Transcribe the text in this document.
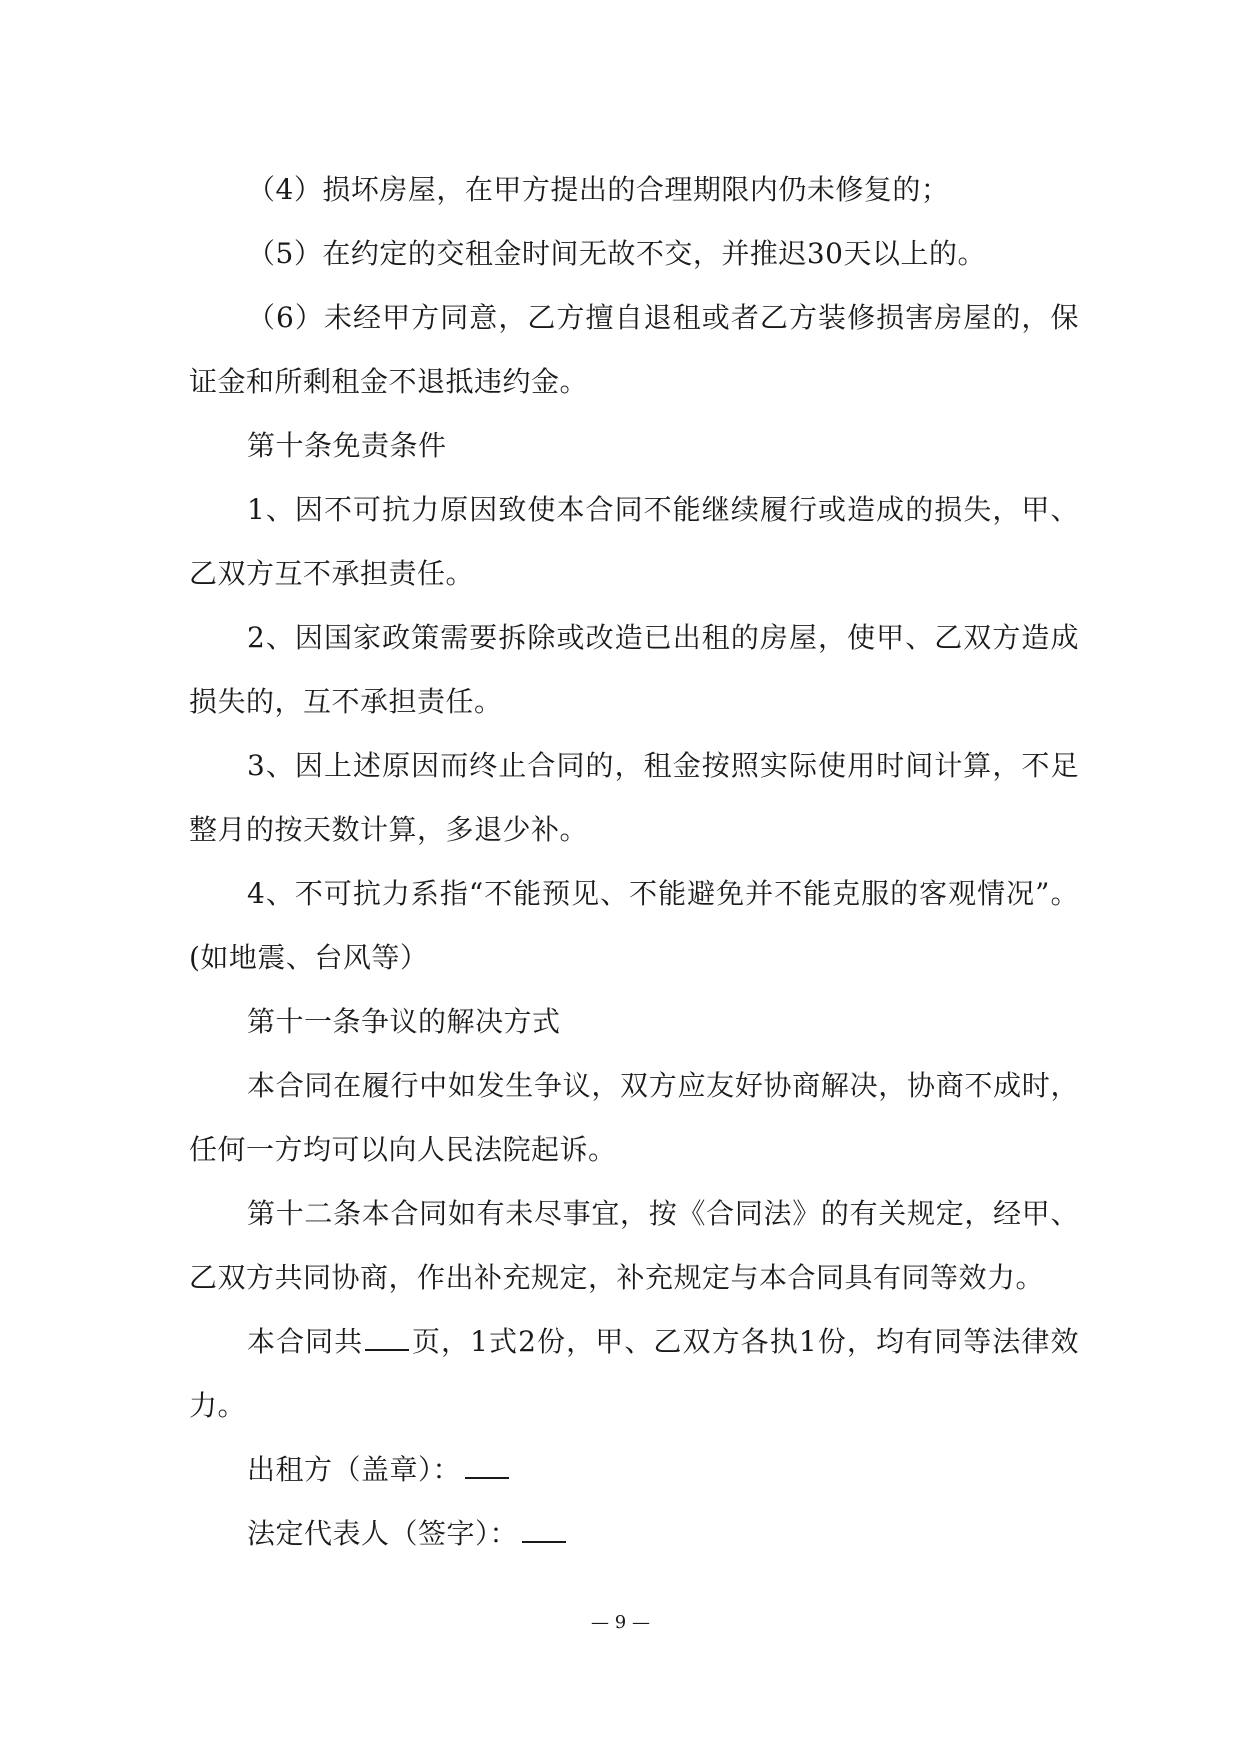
（4）损坏房屋，在甲方提出的合理期限内仍未修复的；

（5）在约定的交租金时间无故不交，并推迟30天以上的。

（6）未经甲方同意，乙方擅自退租或者乙方装修损害房屋的，保证金和所剩租金不退抵违约金。

第十条免责条件

1、因不可抗力原因致使本合同不能继续履行或造成的损失，甲、乙双方互不承担责任。

2、因国家政策需要拆除或改造已出租的房屋，使甲、乙双方造成损失的，互不承担责任。

3、因上述原因而终止合同的，租金按照实际使用时间计算，不足整月的按天数计算，多退少补。

4、不可抗力系指“不能预见、不能避免并不能克服的客观情况”。(如地震、台风等）

第十一条争议的解决方式

本合同在履行中如发生争议，双方应友好协商解决，协商不成时，任何一方均可以向人民法院起诉。

第十二条本合同如有未尽事宜，按《合同法》的有关规定，经甲、乙双方共同协商，作出补充规定，补充规定与本合同具有同等效力。

本合同共 页，1式2份，甲、乙双方各执1份，均有同等法律效力。

出租方（盖章）：

法定代表人（签字）：

— 9 —
